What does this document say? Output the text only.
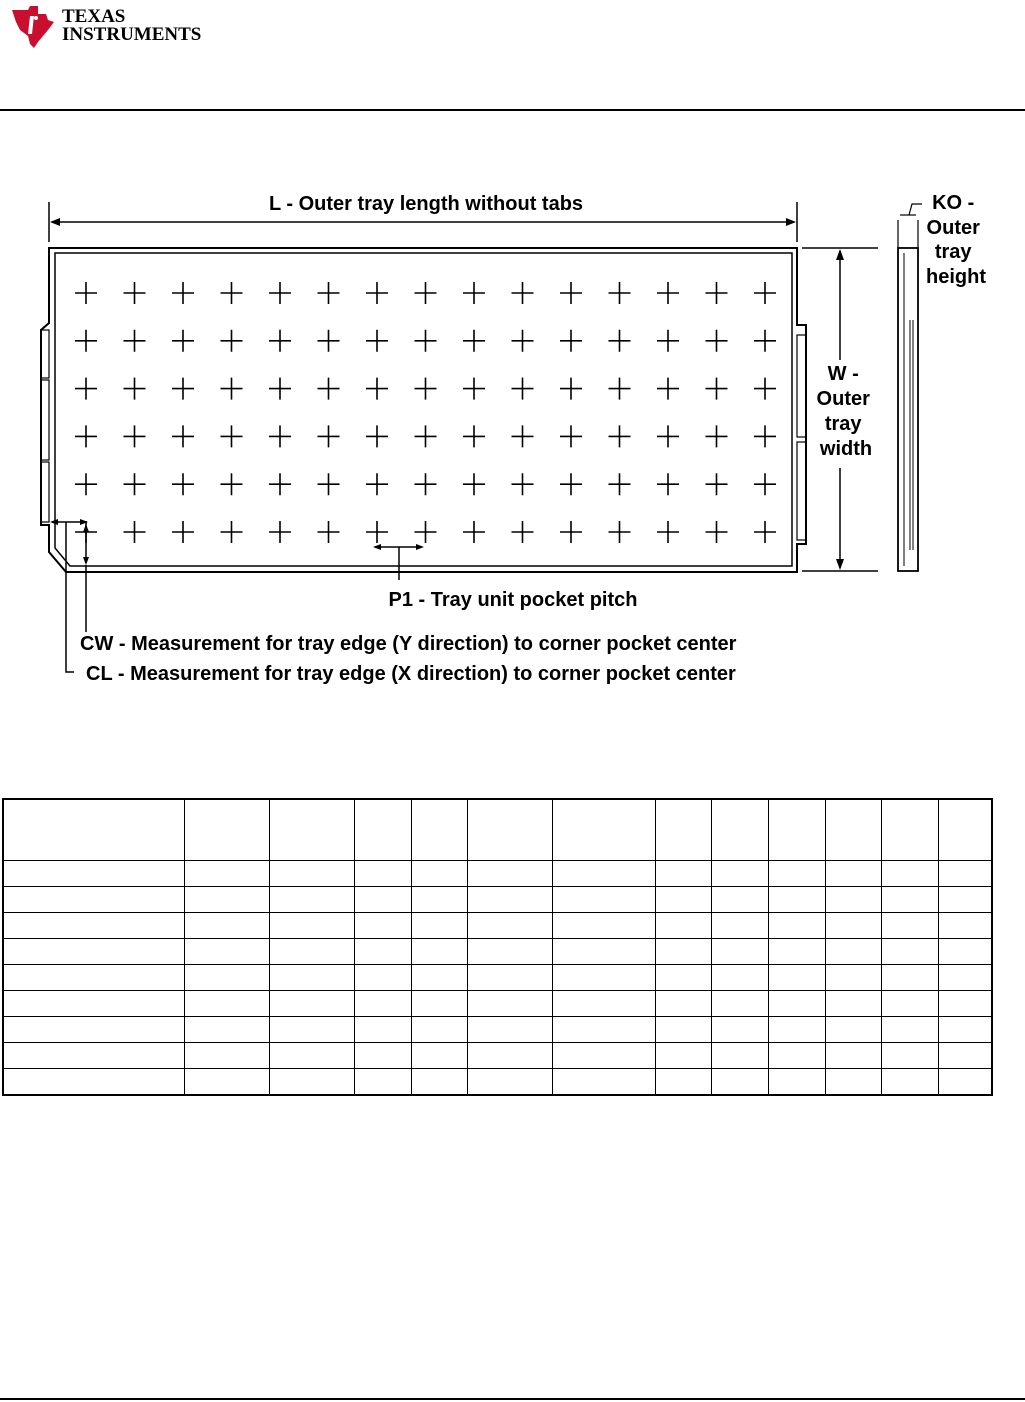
TEXAS
INSTRUMENTS
L - Outer tray length without tabs
P1 - Tray unit pocket pitch
CW - Measurement for tray edge (Y direction) to corner pocket center
CL - Measurement for tray edge (X direction) to corner pocket center
W - Outer tray width
KO - Outer tray height
